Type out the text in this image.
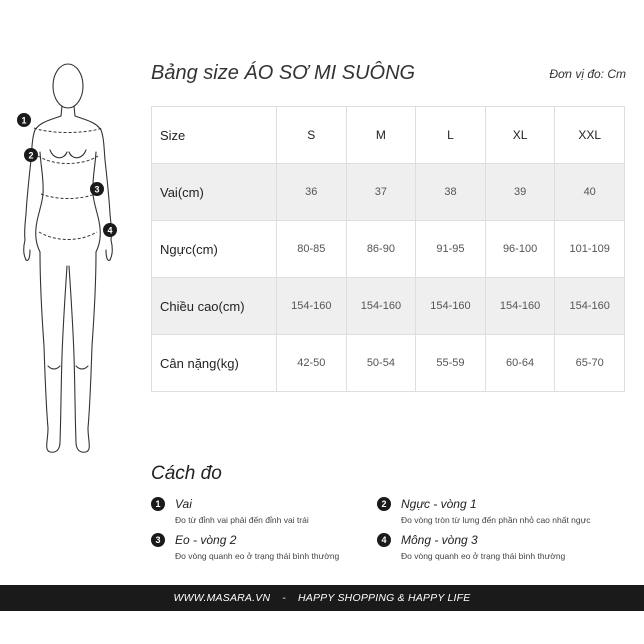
1
2
3
4
Bảng size ÁO SƠ MI SUÔNG	Đơn vị đo: Cm
Size	S	M	L	XL	XXL
Vai(cm)	36	37	38	39	40
Ngực(cm)	80-85	86-90	91-95	96-100	101-109
Chiều cao(cm)	154-160	154-160	154-160	154-160	154-160
Cân nặng(kg)	42-50	50-54	55-59	60-64	65-70
Cách đo
1	Vai
Đo từ đỉnh vai phải đến đỉnh vai trái
2	Ngực - vòng 1
Đo vòng tròn từ lưng đến phần nhỏ cao nhất ngực
3	Eo - vòng 2
Đo vòng quanh eo ở trạng thái bình thường
4	Mông - vòng 3
Đo vòng quanh eo ở trạng thái bình thường
WWW.MASARA.VN - HAPPY SHOPPING & HAPPY LIFE
